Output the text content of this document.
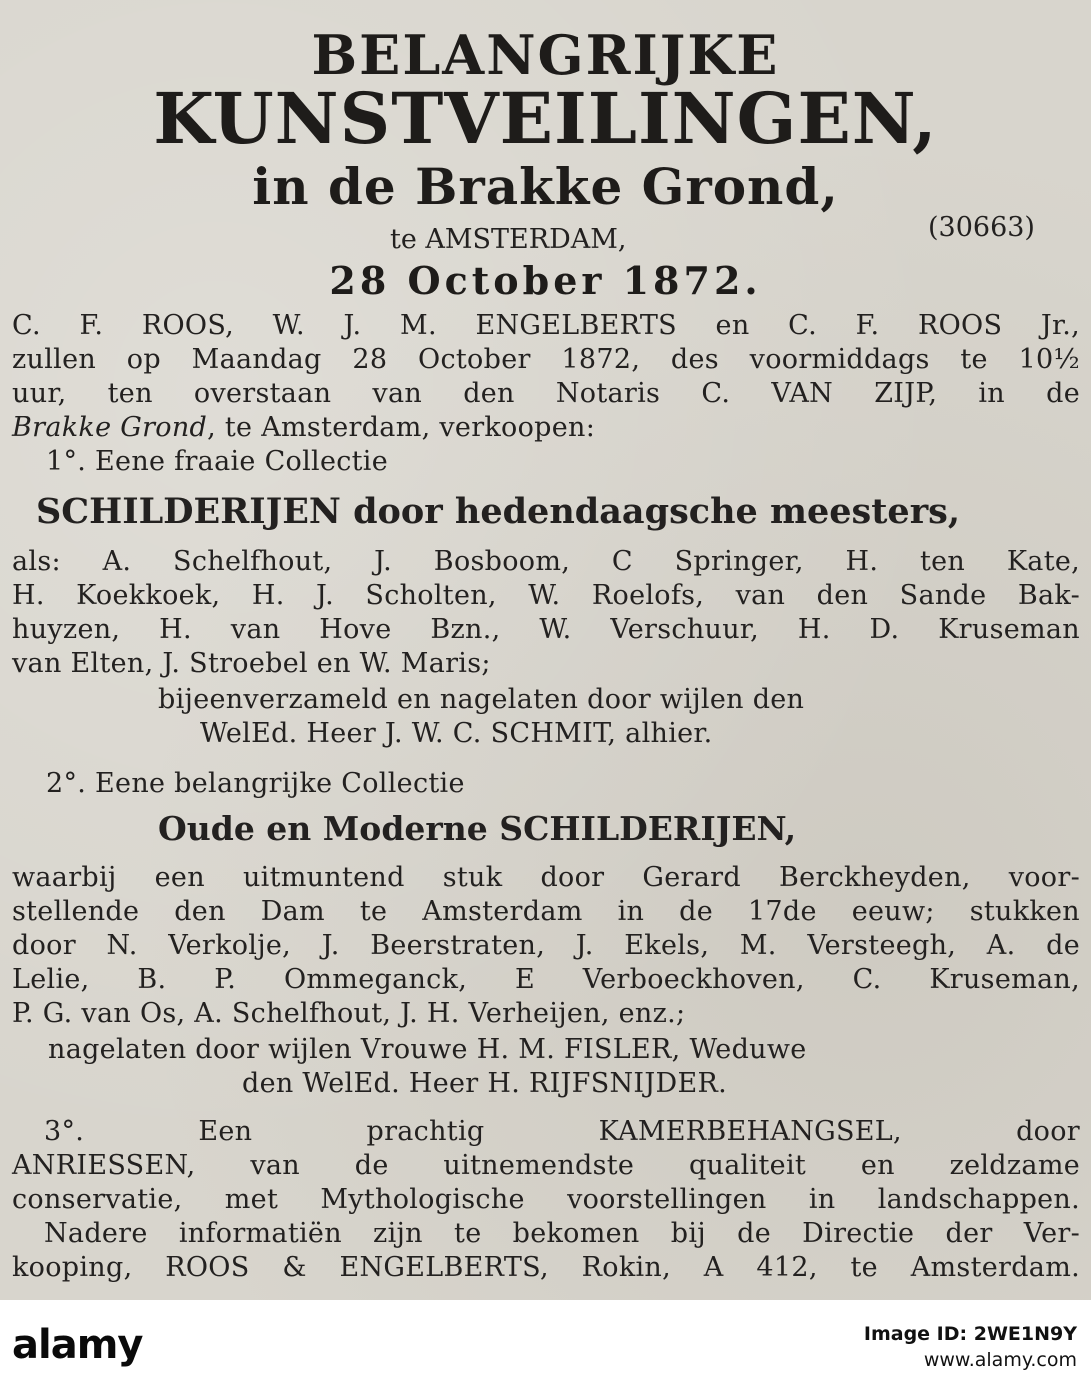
BELANGRIJKE
KUNSTVEILINGEN,
in de Brakke Grond,
te AMSTERDAM,	(30663)
28 October 1872.
C. F. ROOS, W. J. M. ENGELBERTS en C. F. ROOS Jr.,
zullen op Maandag 28 October 1872, des voormiddags te 10½
uur, ten overstaan van den Notaris C. VAN ZIJP, in de
Brakke Grond, te Amsterdam, verkoopen:
1°. Eene fraaie Collectie
SCHILDERIJEN door hedendaagsche meesters,
als: A. Schelfhout, J. Bosboom, C Springer, H. ten Kate,
H. Koekkoek, H. J. Scholten, W. Roelofs, van den Sande Bak-
huyzen, H. van Hove Bzn., W. Verschuur, H. D. Kruseman
van Elten, J. Stroebel en W. Maris;
bijeenverzameld en nagelaten door wijlen den
WelEd. Heer J. W. C. SCHMIT, alhier.
2°. Eene belangrijke Collectie
Oude en Moderne SCHILDERIJEN,
waarbij een uitmuntend stuk door Gerard Berckheyden, voor-
stellende den Dam te Amsterdam in de 17de eeuw; stukken
door N. Verkolje, J. Beerstraten, J. Ekels, M. Versteegh, A. de
Lelie, B. P. Ommeganck, E Verboeckhoven, C. Kruseman,
P. G. van Os, A. Schelfhout, J. H. Verheijen, enz.;
nagelaten door wijlen Vrouwe H. M. FISLER, Weduwe
den WelEd. Heer H. RIJFSNIJDER.
3°. Een prachtig KAMERBEHANGSEL, door
ANRIESSEN, van de uitnemendste qualiteit en zeldzame
conservatie, met Mythologische voorstellingen in landschappen.
Nadere informatiën zijn te bekomen bij de Directie der Ver-
kooping, ROOS & ENGELBERTS, Rokin, A 412, te Amsterdam.
alamy	Image ID: 2WE1N9Y
www.alamy.com
